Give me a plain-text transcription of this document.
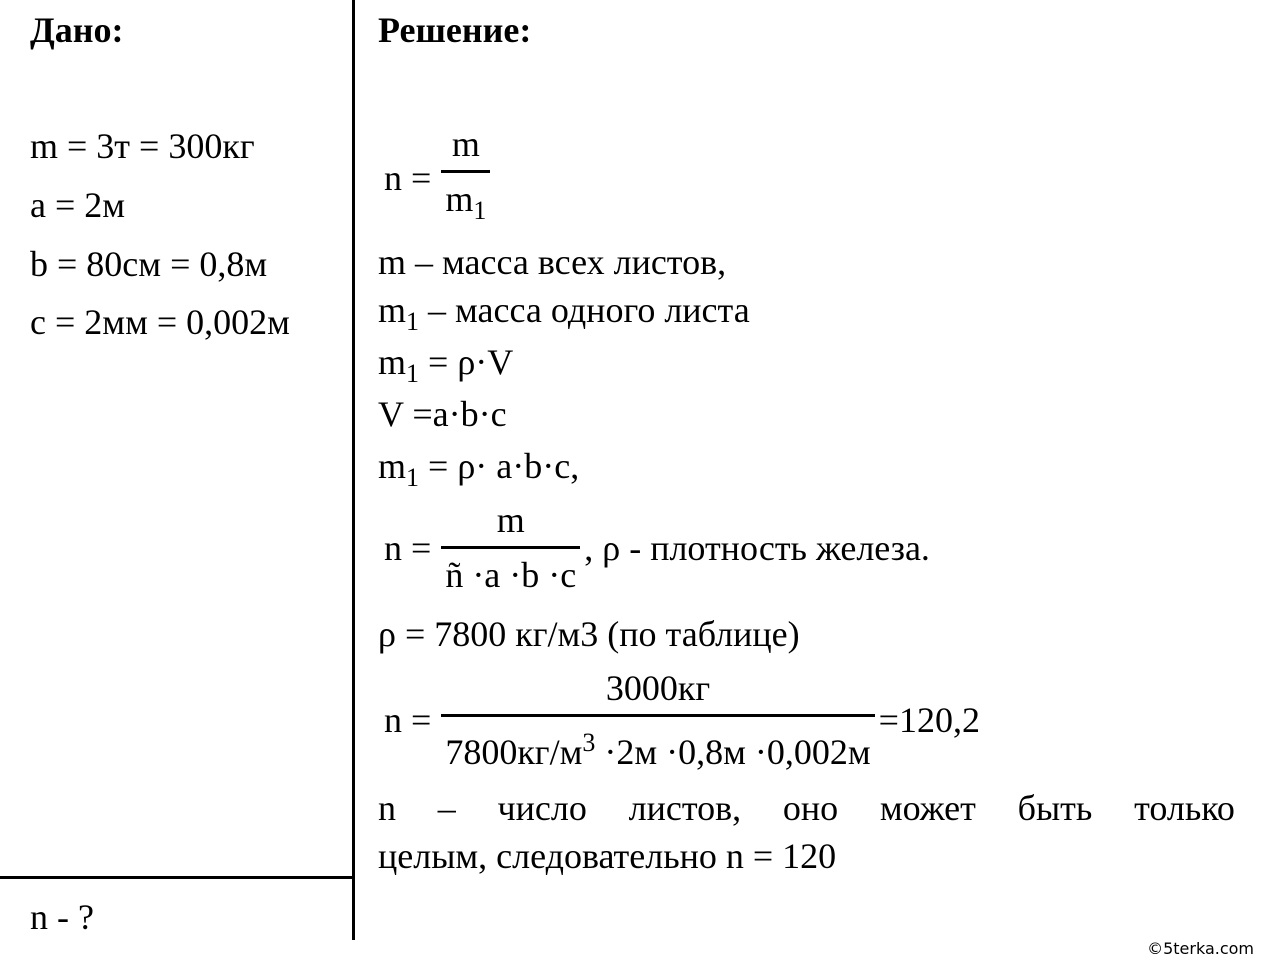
Дано:
m = 3т = 300кг
a = 2м
b = 80см = 0,8м
c = 2мм = 0,002м
n - ?
Решение:
$n = \frac{m}{m_1}$
m – масса всех листов,
$m_1$ – масса одного листа
$m_1 = \rho\cdot V$
V =a·b·c
$m_1 = \rho\cdot a\cdot b\cdot c$,
$n = \frac{m}{ñ \cdot a \cdot b \cdot c}$ , ρ - плотность железа.
ρ = 7800 кг/м3 (по таблице)
$n = \frac{3000кг}{7800кг/м^3 \cdot 2м \cdot 0,8м \cdot 0,002м} =120,2$
n – число листов, оно может быть только
целым, следовательно n = 120
©5terka.com
